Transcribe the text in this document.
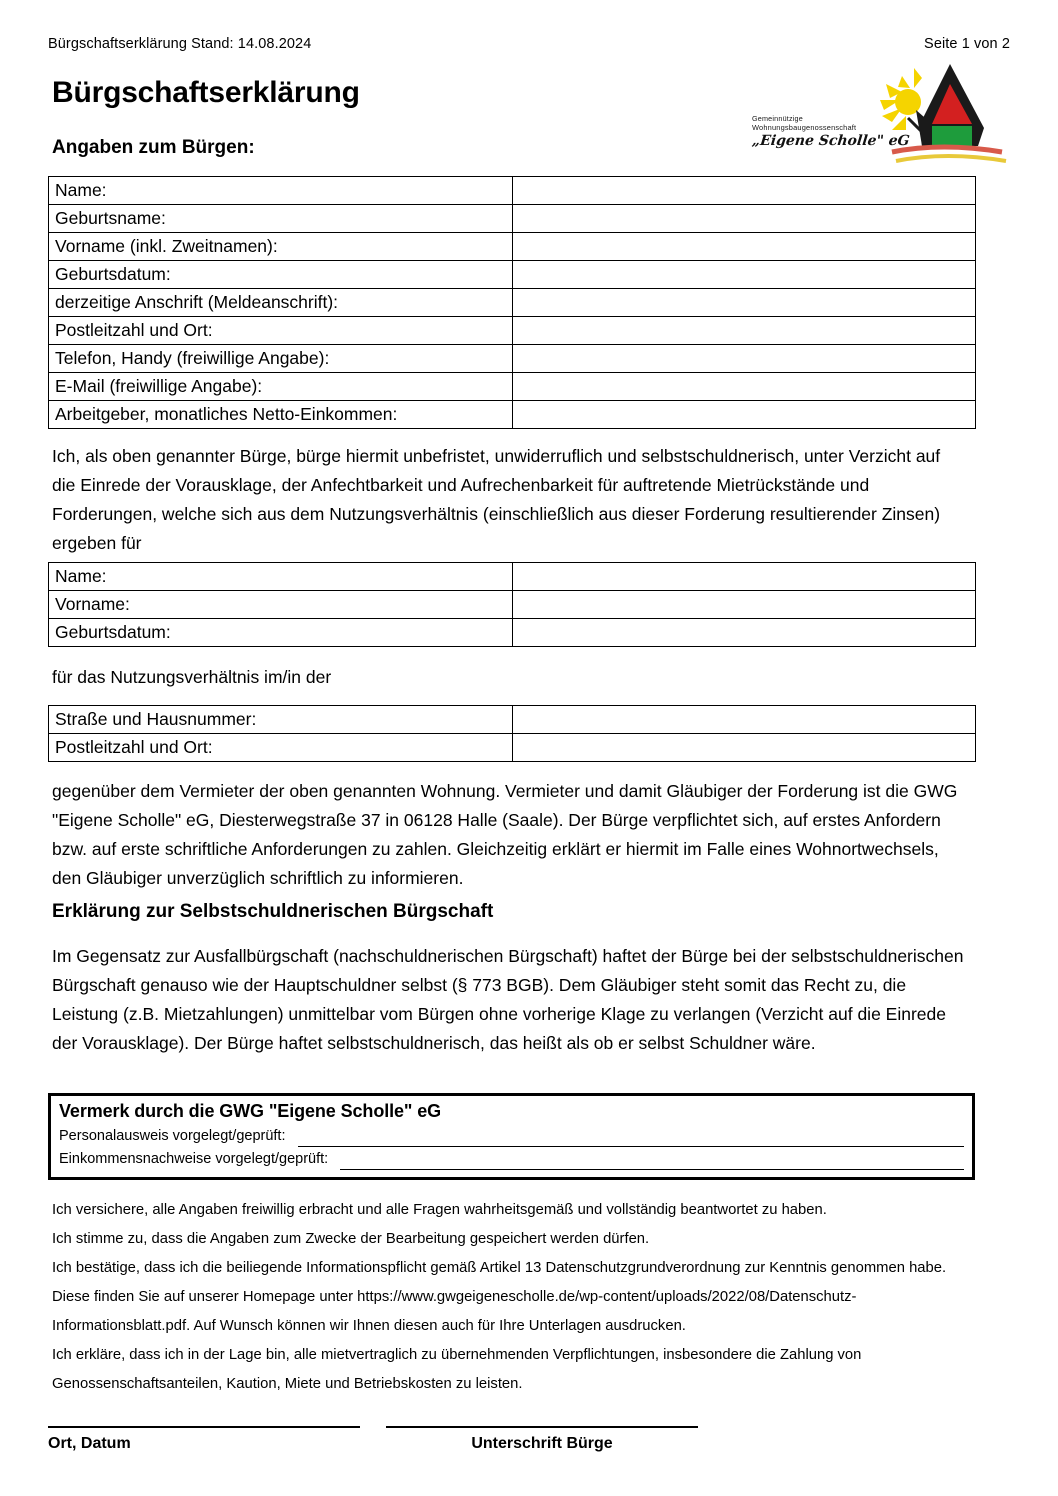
Bürgschaftserklärung Stand: 14.08.2024	Seite 1 von 2
Bürgschaftserklärung
Gemeinnützige
Wohnungsbaugenossenschaft
„Eigene Scholle" eG
Angaben zum Bürgen:
Name:	
Geburtsname:	
Vorname (inkl. Zweitnamen):	
Geburtsdatum:	
derzeitige Anschrift (Meldeanschrift):	
Postleitzahl und Ort:	
Telefon, Handy (freiwillige Angabe):	
E-Mail (freiwillige Angabe):	
Arbeitgeber, monatliches Netto-Einkommen:	
Ich, als oben genannter Bürge, bürge hiermit unbefristet, unwiderruflich und selbstschuldnerisch, unter Verzicht auf die Einrede der Vorausklage, der Anfechtbarkeit und Aufrechenbarkeit für auftretende Mietrückstände und Forderungen, welche sich aus dem Nutzungsverhältnis (einschließlich aus dieser Forderung resultierender Zinsen) ergeben für
Name:	
Vorname:	
Geburtsdatum:	
für das Nutzungsverhältnis im/in der
Straße und Hausnummer:	
Postleitzahl und Ort:	
gegenüber dem Vermieter der oben genannten Wohnung. Vermieter und damit Gläubiger der Forderung ist die GWG "Eigene Scholle" eG, Diesterwegstraße 37 in 06128 Halle (Saale). Der Bürge verpflichtet sich, auf erstes Anfordern bzw. auf erste schriftliche Anforderungen zu zahlen. Gleichzeitig erklärt er hiermit im Falle eines Wohnortwechsels, den Gläubiger unverzüglich schriftlich zu informieren.
Erklärung zur Selbstschuldnerischen Bürgschaft
Im Gegensatz zur Ausfallbürgschaft (nachschuldnerischen Bürgschaft) haftet der Bürge bei der selbstschuldnerischen Bürgschaft genauso wie der Hauptschuldner selbst (§ 773 BGB). Dem Gläubiger steht somit das Recht zu, die Leistung (z.B. Mietzahlungen) unmittelbar vom Bürgen ohne vorherige Klage zu verlangen (Verzicht auf die Einrede der Vorausklage). Der Bürge haftet selbstschuldnerisch, das heißt als ob er selbst Schuldner wäre.
Vermerk durch die GWG "Eigene Scholle" eG
Personalausweis vorgelegt/geprüft:
Einkommensnachweise vorgelegt/geprüft:

Ich versichere, alle Angaben freiwillig erbracht und alle Fragen wahrheitsgemäß und vollständig beantwortet zu haben.

Ich stimme zu, dass die Angaben zum Zwecke der Bearbeitung gespeichert werden dürfen.

Ich bestätige, dass ich die beiliegende Informationspflicht gemäß Artikel 13 Datenschutzgrundverordnung zur Kenntnis genommen habe. Diese finden Sie auf unserer Homepage unter https://www.gwgeigenescholle.de/wp-content/uploads/2022/08/Datenschutz-Informationsblatt.pdf. Auf Wunsch können wir Ihnen diesen auch für Ihre Unterlagen ausdrucken.

Ich erkläre, dass ich in der Lage bin, alle mietvertraglich zu übernehmenden Verpflichtungen, insbesondere die Zahlung von Genossenschaftsanteilen, Kaution, Miete und Betriebskosten zu leisten.

Ort, Datum	Unterschrift Bürge
